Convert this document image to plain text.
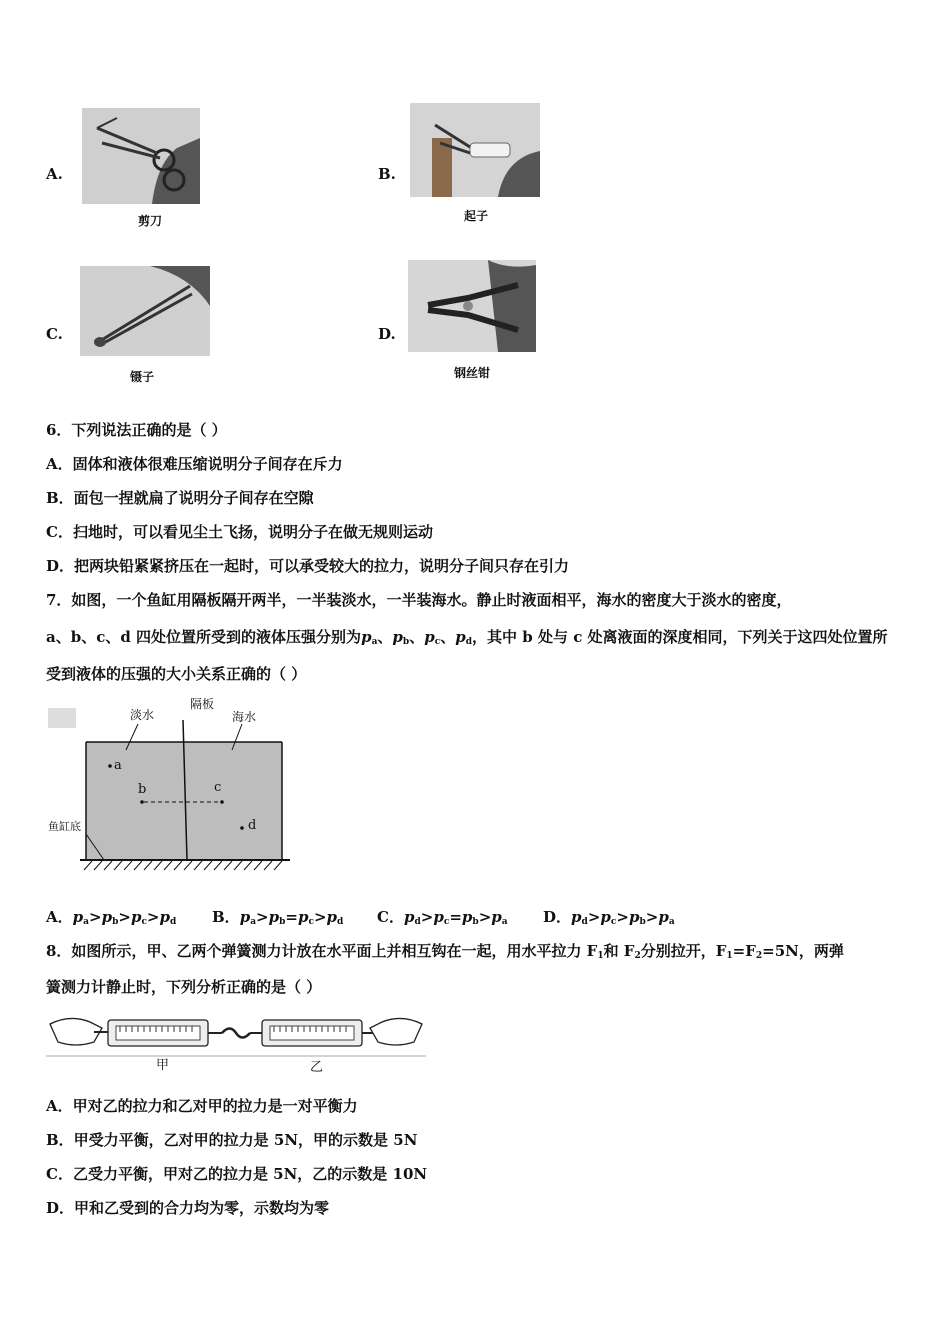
A.
剪刀
B.
起子
C.
镊子
D.
钢丝钳
6．下列说法正确的是（ ）
A．固体和液体很难压缩说明分子间存在斥力
B．面包一捏就扁了说明分子间存在空隙
C．扫地时，可以看见尘土飞扬，说明分子在做无规则运动
D．把两块铅紧紧挤压在一起时，可以承受较大的拉力，说明分子间只存在引力
7．如图，一个鱼缸用隔板隔开两半，一半装淡水，一半装海水。静止时液面相平，海水的密度大于淡水的密度，
a、b、c、d 四处位置所受到的液体压强分别为$p_a$、$p_b$、$p_c$、$p_d$，其中 b 处与 c 处离液面的深度相同，下列关于这四处位置所
受到液体的压强的大小关系正确的（ ）
淡水
隔板
海水
鱼缸底
a
b	c
d
A．$p_a>p_b>p_c>p_d$ B．$p_a>p_b=p_c>p_d$ C．$p_d>p_c=p_b>p_a$ D．$p_d>p_c>p_b>p_a$
8．如图所示，甲、乙两个弹簧测力计放在水平面上并相互钩在一起，用水平拉力 $F_1$和 $F_2$分别拉开，$F_1=F_2=5N$，两弹
簧测力计静止时，下列分析正确的是（ ）
甲	乙
A．甲对乙的拉力和乙对甲的拉力是一对平衡力
B．甲受力平衡，乙对甲的拉力是 5N，甲的示数是 5N
C．乙受力平衡，甲对乙的拉力是 5N，乙的示数是 10N
D．甲和乙受到的合力均为零，示数均为零
